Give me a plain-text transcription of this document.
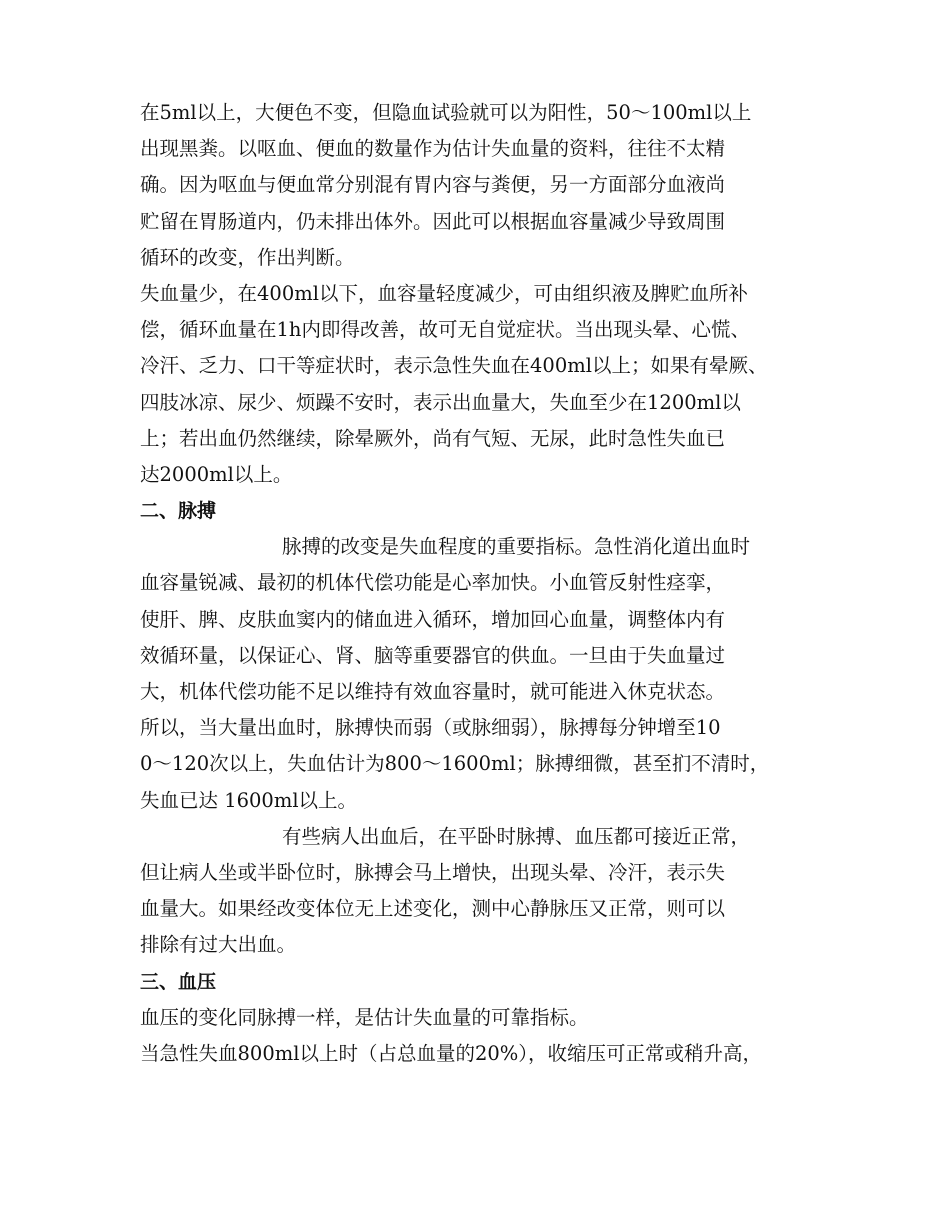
在5ml以上，大便色不变，但隐血试验就可以为阳性，50～100ml以上
出现黑粪。以呕血、便血的数量作为估计失血量的资料，往往不太精
确。因为呕血与便血常分别混有胃内容与粪便，另一方面部分血液尚
贮留在胃肠道内，仍未排出体外。因此可以根据血容量减少导致周围
循环的改变，作出判断。
失血量少，在400ml以下，血容量轻度减少，可由组织液及脾贮血所补
偿，循环血量在1h内即得改善，故可无自觉症状。当出现头晕、心慌、
冷汗、乏力、口干等症状时，表示急性失血在400ml以上；如果有晕厥、
四肢冰凉、尿少、烦躁不安时，表示出血量大，失血至少在1200ml以
上；若出血仍然继续，除晕厥外，尚有气短、无尿，此时急性失血已
达2000ml以上。
二、脉搏
脉搏的改变是失血程度的重要指标。急性消化道出血时
血容量锐减、最初的机体代偿功能是心率加快。小血管反射性痉挛，
使肝、脾、皮肤血窦内的储血进入循环，增加回心血量，调整体内有
效循环量，以保证心、肾、脑等重要器官的供血。一旦由于失血量过
大，机体代偿功能不足以维持有效血容量时，就可能进入休克状态。
所以，当大量出血时，脉搏快而弱（或脉细弱），脉搏每分钟增至10
0～120次以上，失血估计为800～1600ml；脉搏细微，甚至扪不清时，
失血已达 1600ml以上。
有些病人出血后，在平卧时脉搏、血压都可接近正常，
但让病人坐或半卧位时，脉搏会马上增快，出现头晕、冷汗，表示失
血量大。如果经改变体位无上述变化，测中心静脉压又正常，则可以
排除有过大出血。
三、血压
血压的变化同脉搏一样，是估计失血量的可靠指标。
当急性失血800ml以上时（占总血量的20%），收缩压可正常或稍升高，
